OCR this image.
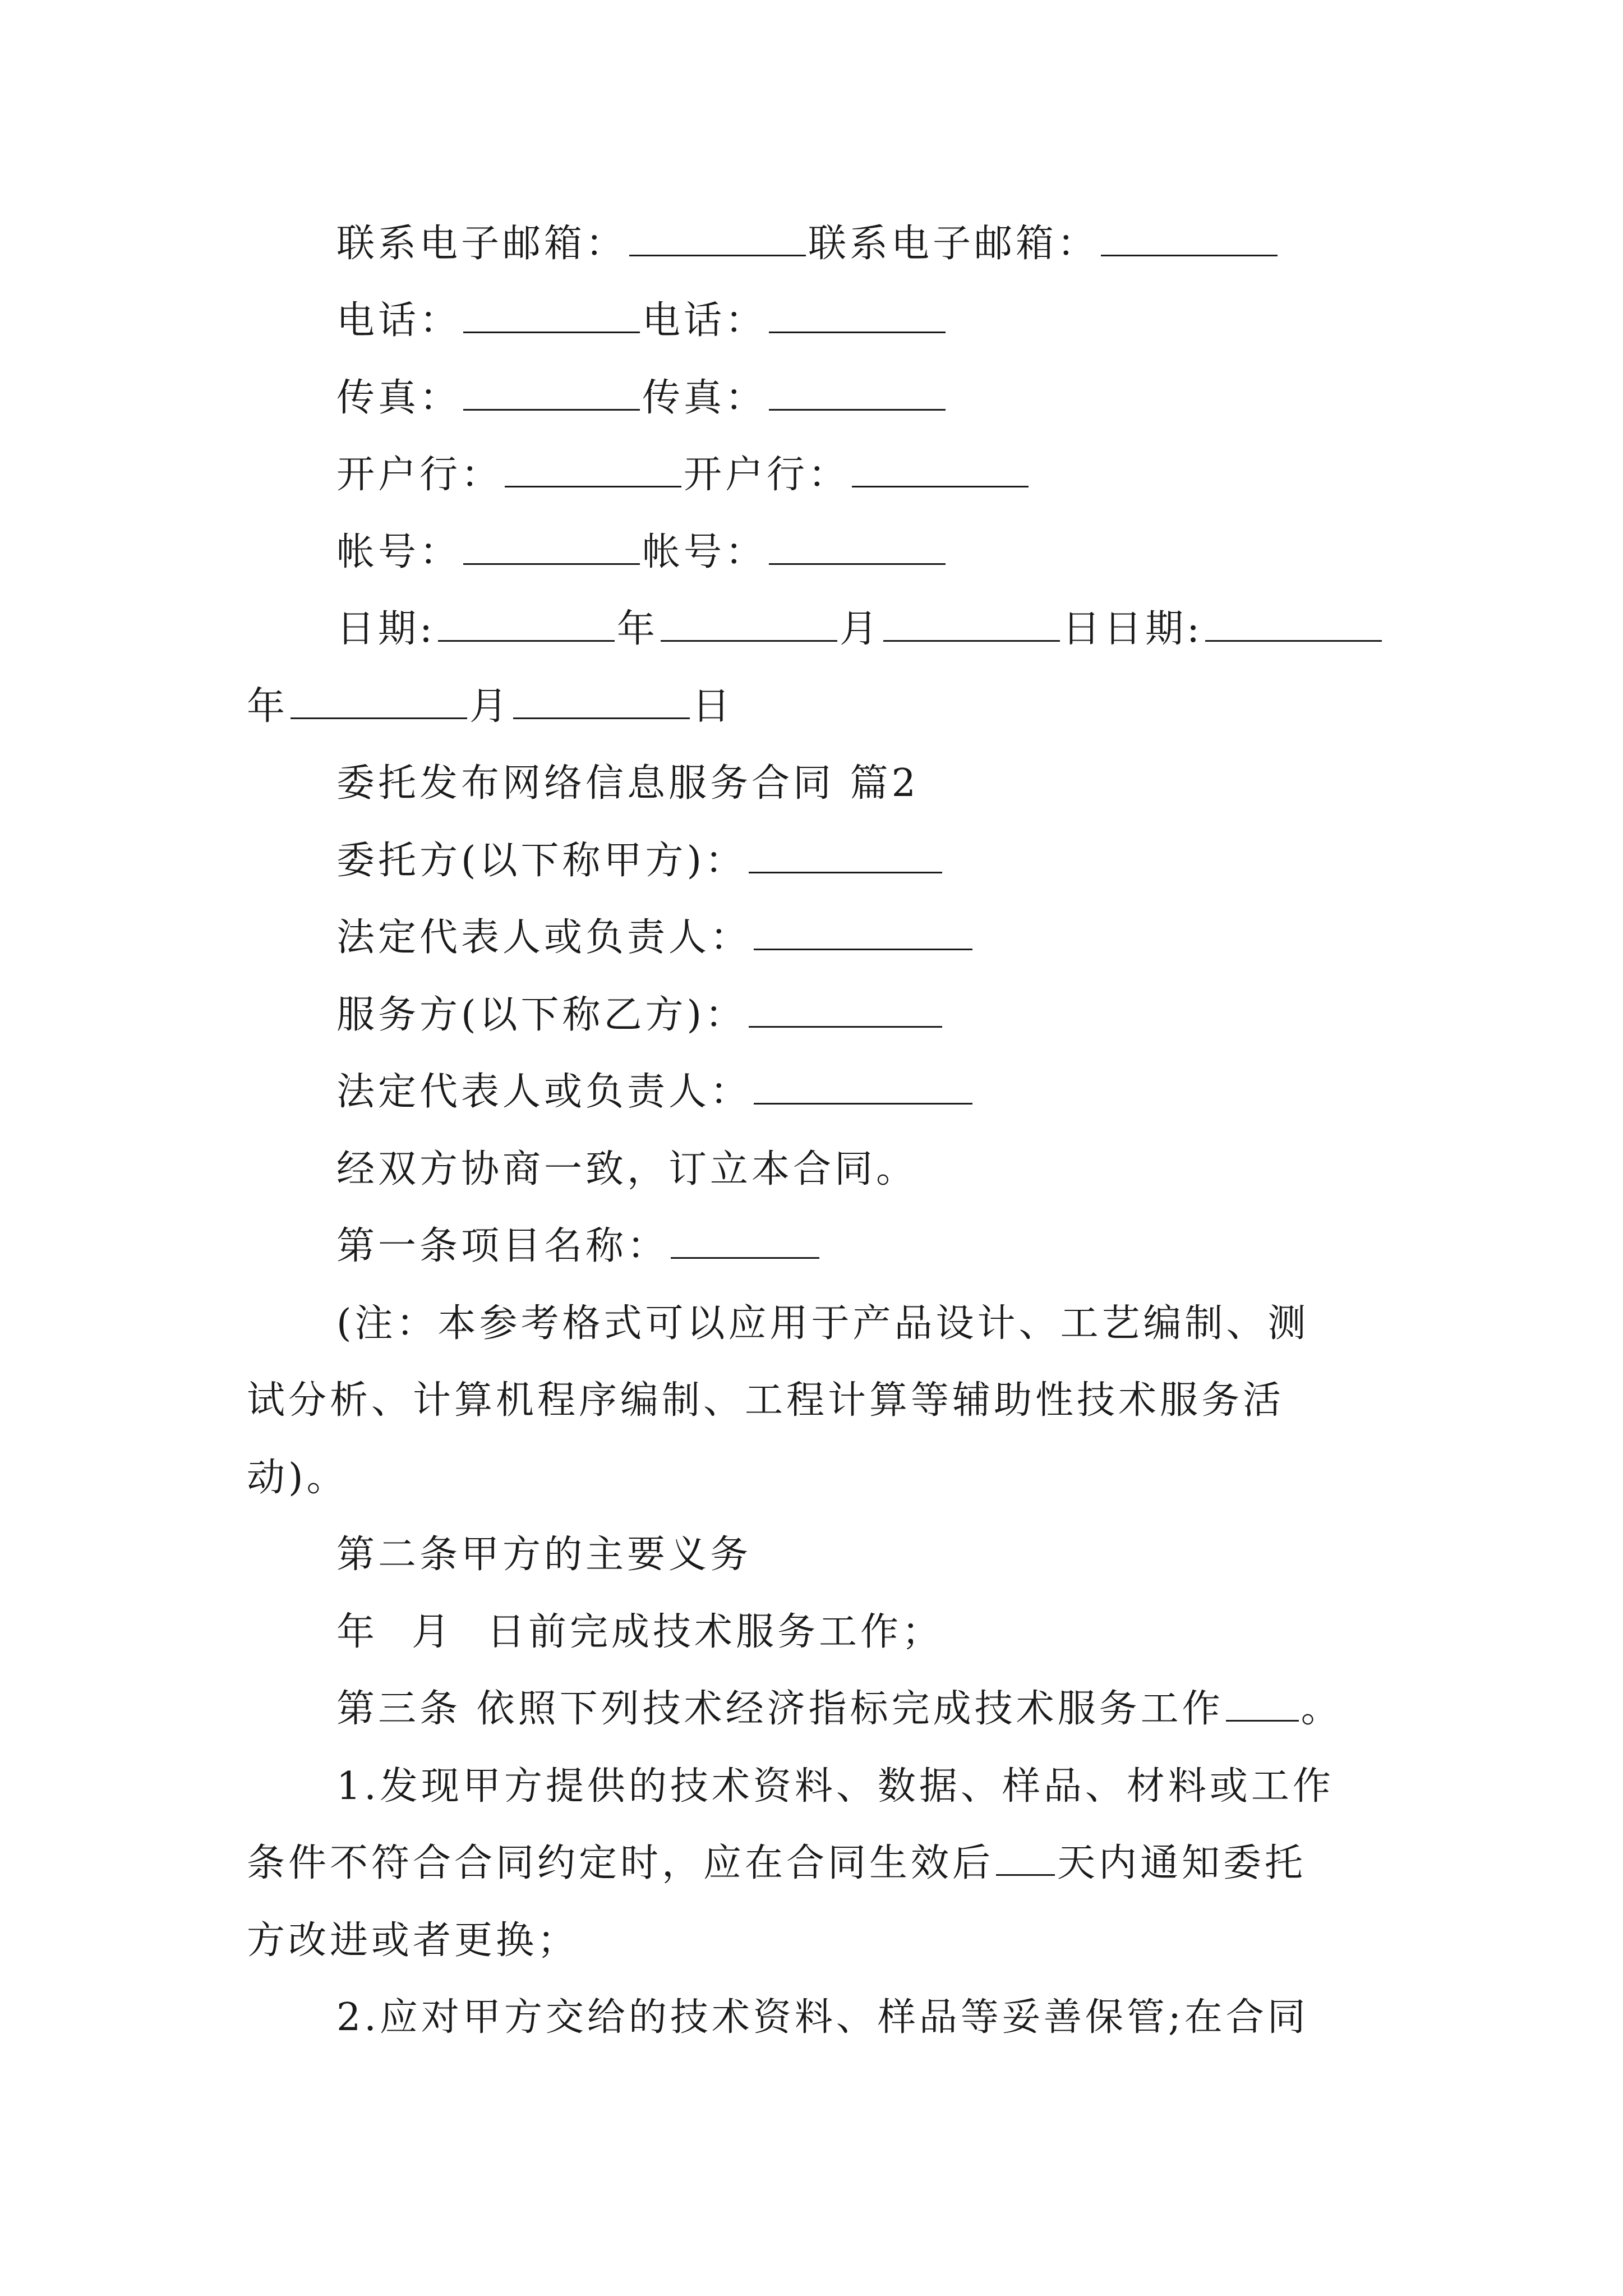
联系电子邮箱：	联系电子邮箱：
电话：	电话：
传真：	传真：
开户行：	开户行：
帐号：	帐号：
日期:	年	月	日日期:
年	月	日
委托发布网络信息服务合同 篇2
委托方(以下称甲方)：
法定代表人或负责人：
服务方(以下称乙方)：
法定代表人或负责人：
经双方协商一致，订立本合同。
第一条项目名称：
(注：本参考格式可以应用于产品设计、工艺编制、测
试分析、计算机程序编制、工程计算等辅助性技术服务活
动)。
第二条甲方的主要义务
年 月 日前完成技术服务工作；
第三条 依照下列技术经济指标完成技术服务工作 。
1.发现甲方提供的技术资料、数据、样品、材料或工作
条件不符合合同约定时，应在合同生效后 天内通知委托
方改进或者更换；
2.应对甲方交给的技术资料、样品等妥善保管;在合同
